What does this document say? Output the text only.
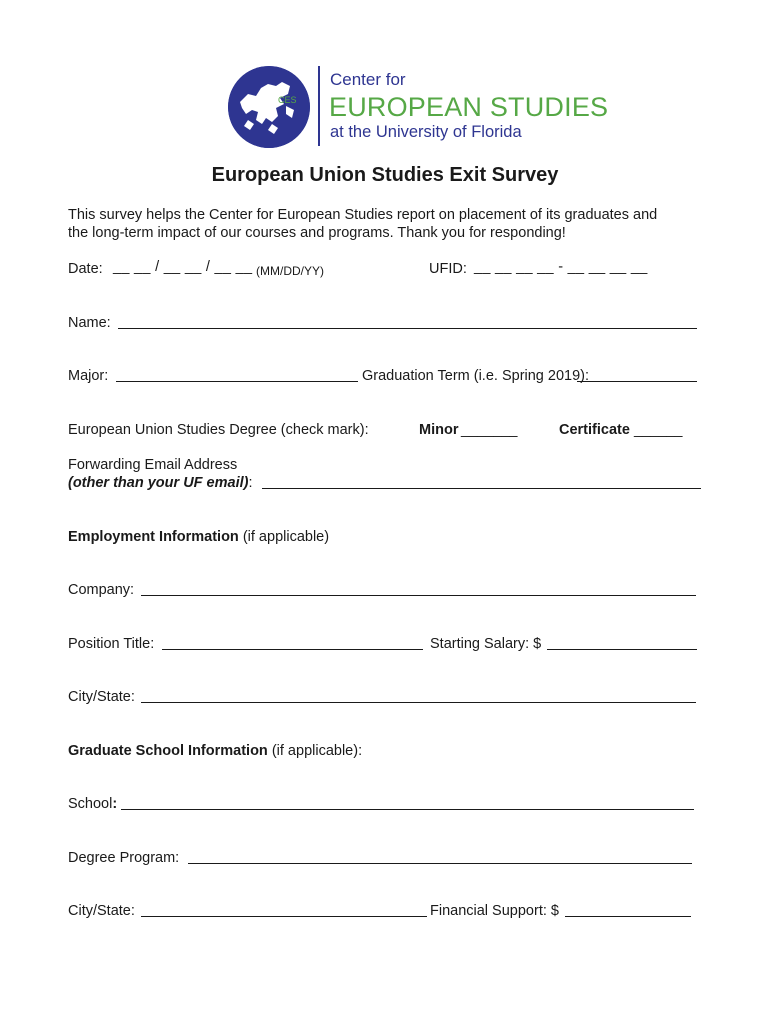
CES
Center for
EUROPEAN STUDIES
at the University of Florida
European Union Studies Exit Survey
This survey helps the Center for European Studies report on placement of its graduates and
the long-term impact of our courses and programs. Thank you for responding!
Date: __ __ / __ __ / __ __ (MM/DD/YY)	UFID: __ __ __ __ - __ __ __ __
Name:
Major:	Graduation Term (i.e. Spring 2019):
European Union Studies Degree (check mark):	Minor _______	Certificate ______
Forwarding Email Address
(other than your UF email):
Employment Information (if applicable)
Company:
Position Title:	Starting Salary: $
City/State:
Graduate School Information (if applicable):
School:
Degree Program:
City/State:	Financial Support: $
